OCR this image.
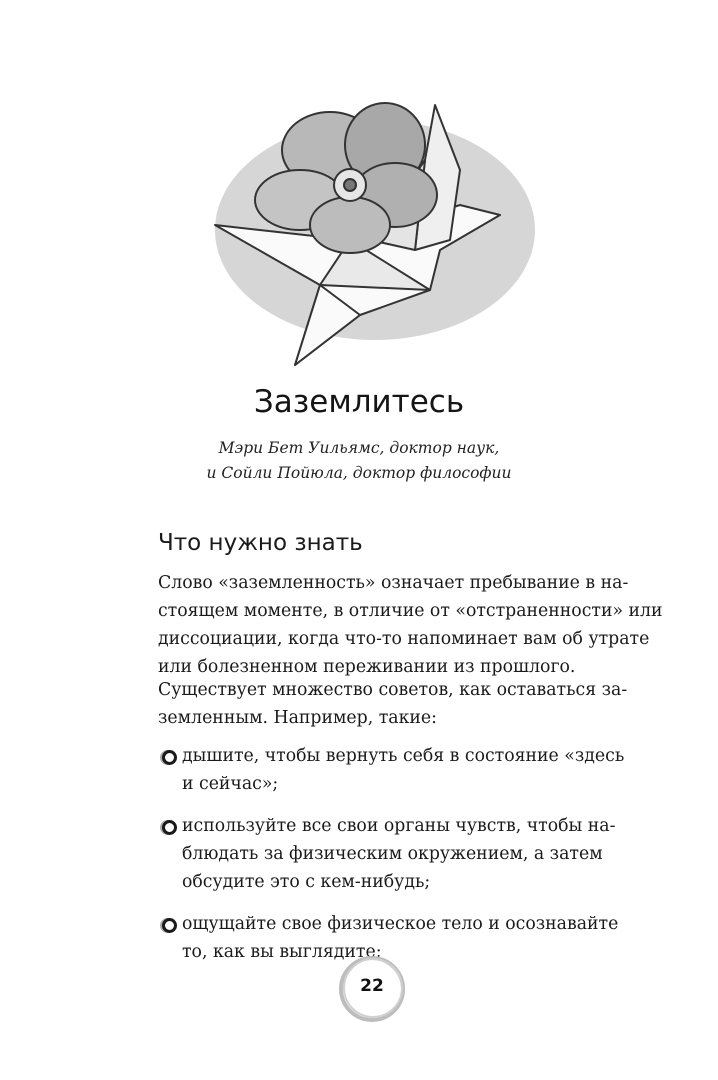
Заземлитесь
Мэри Бет Уильямс, доктор наук,
и Сойли Пойюла, доктор философии
Что нужно знать

Слово «заземленность» означает пребывание в на-
стоящем моменте, в отличие от «отстраненности» или
диссоциации, когда что-то напоминает вам об утрате
или болезненном переживании из прошлого.

Существует множество советов, как оставаться за-
земленным. Например, такие:

дышите, чтобы вернуть себя в состояние «здесь
и сейчас»;
используйте все свои органы чувств, чтобы на-
блюдать за физическим окружением, а затем
обсудите это с кем-нибудь;
ощущайте свое физическое тело и осознавайте
то, как вы выглядите;
22
